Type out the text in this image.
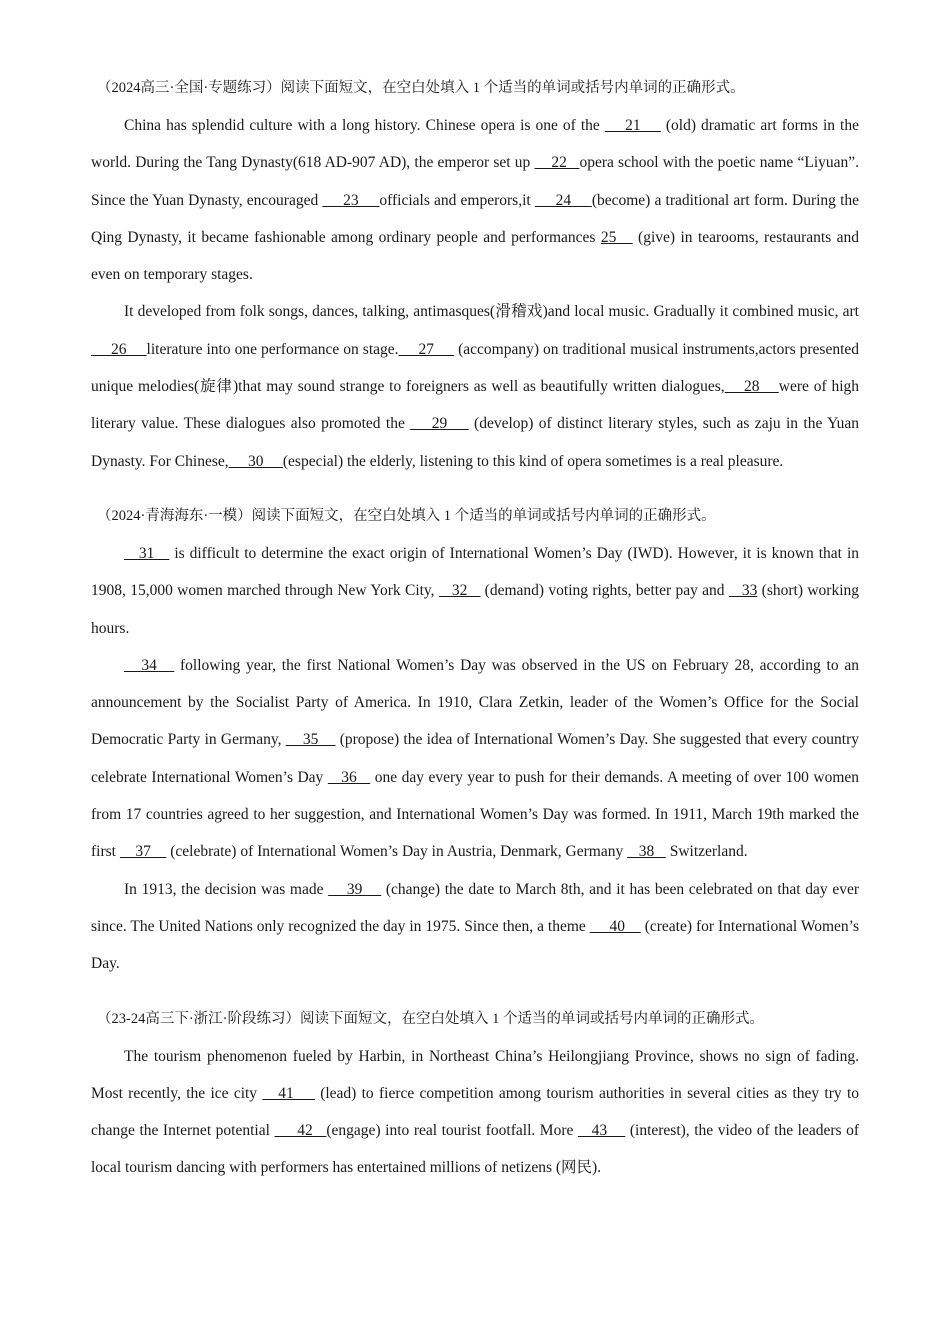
（2024高三·全国·专题练习）阅读下面短文，在空白处填入 1 个适当的单词或括号内单词的正确形式。

China has splendid culture with a long history. Chinese opera is one of the     21     (old) dramatic art forms in the world. During the Tang Dynasty(618 AD-907 AD), the emperor set up     22   opera school with the poetic name “Liyuan”. Since the Yuan Dynasty, encouraged      23     officials and emperors,it      24     (become) a traditional art form. During the Qing Dynasty, it became fashionable among ordinary people and performances 25    (give) in tearooms, restaurants and even on temporary stages.

It developed from folk songs, dances, talking, antimasques(滑稽戏)and local music. Gradually it combined music, art      26     literature into one performance on stage.     27      (accompany) on traditional musical instruments,actors presented unique melodies(旋律)that may sound strange to foreigners as well as beautifully written dialogues,    28    were of high literary value. These dialogues also promoted the     29     (develop) of distinct literary styles, such as zaju in the Yuan Dynasty. For Chinese,     30     (especial) the elderly, listening to this kind of opera sometimes is a real pleasure.

（2024·青海海东·一模）阅读下面短文，在空白处填入 1 个适当的单词或括号内单词的正确形式。

31    is difficult to determine the exact origin of International Women’s Day (IWD). However, it is known that in 1908, 15,000 women marched through New York City,    32    (demand) voting rights, better pay and    33 (short) working hours.

34    following year, the first National Women’s Day was observed in the US on February 28, according to an announcement by the Socialist Party of America. In 1910, Clara Zetkin, leader of the Women’s Office for the Social Democratic Party in Germany,     35     (propose) the idea of International Women’s Day. She suggested that every country celebrate International Women’s Day    36    one day every year to push for their demands. A meeting of over 100 women from 17 countries agreed to her suggestion, and International Women’s Day was formed. In 1911, March 19th marked the first     37     (celebrate) of International Women’s Day in Austria, Denmark, Germany    38    Switzerland.

In 1913, the decision was made     39     (change) the date to March 8th, and it has been celebrated on that day ever since. The United Nations only recognized the day in 1975. Since then, a theme      40     (create) for International Women’s Day.

（23-24高三下·浙江·阶段练习）阅读下面短文，在空白处填入 1 个适当的单词或括号内单词的正确形式。

The tourism phenomenon fueled by Harbin, in Northeast China’s Heilongjiang Province, shows no sign of fading. Most recently, the ice city    41     (lead) to fierce competition among tourism authorities in several cities as they try to change the Internet potential      42   (engage) into real tourist footfall. More    43     (interest), the video of the leaders of local tourism dancing with performers has entertained millions of netizens (网民).
